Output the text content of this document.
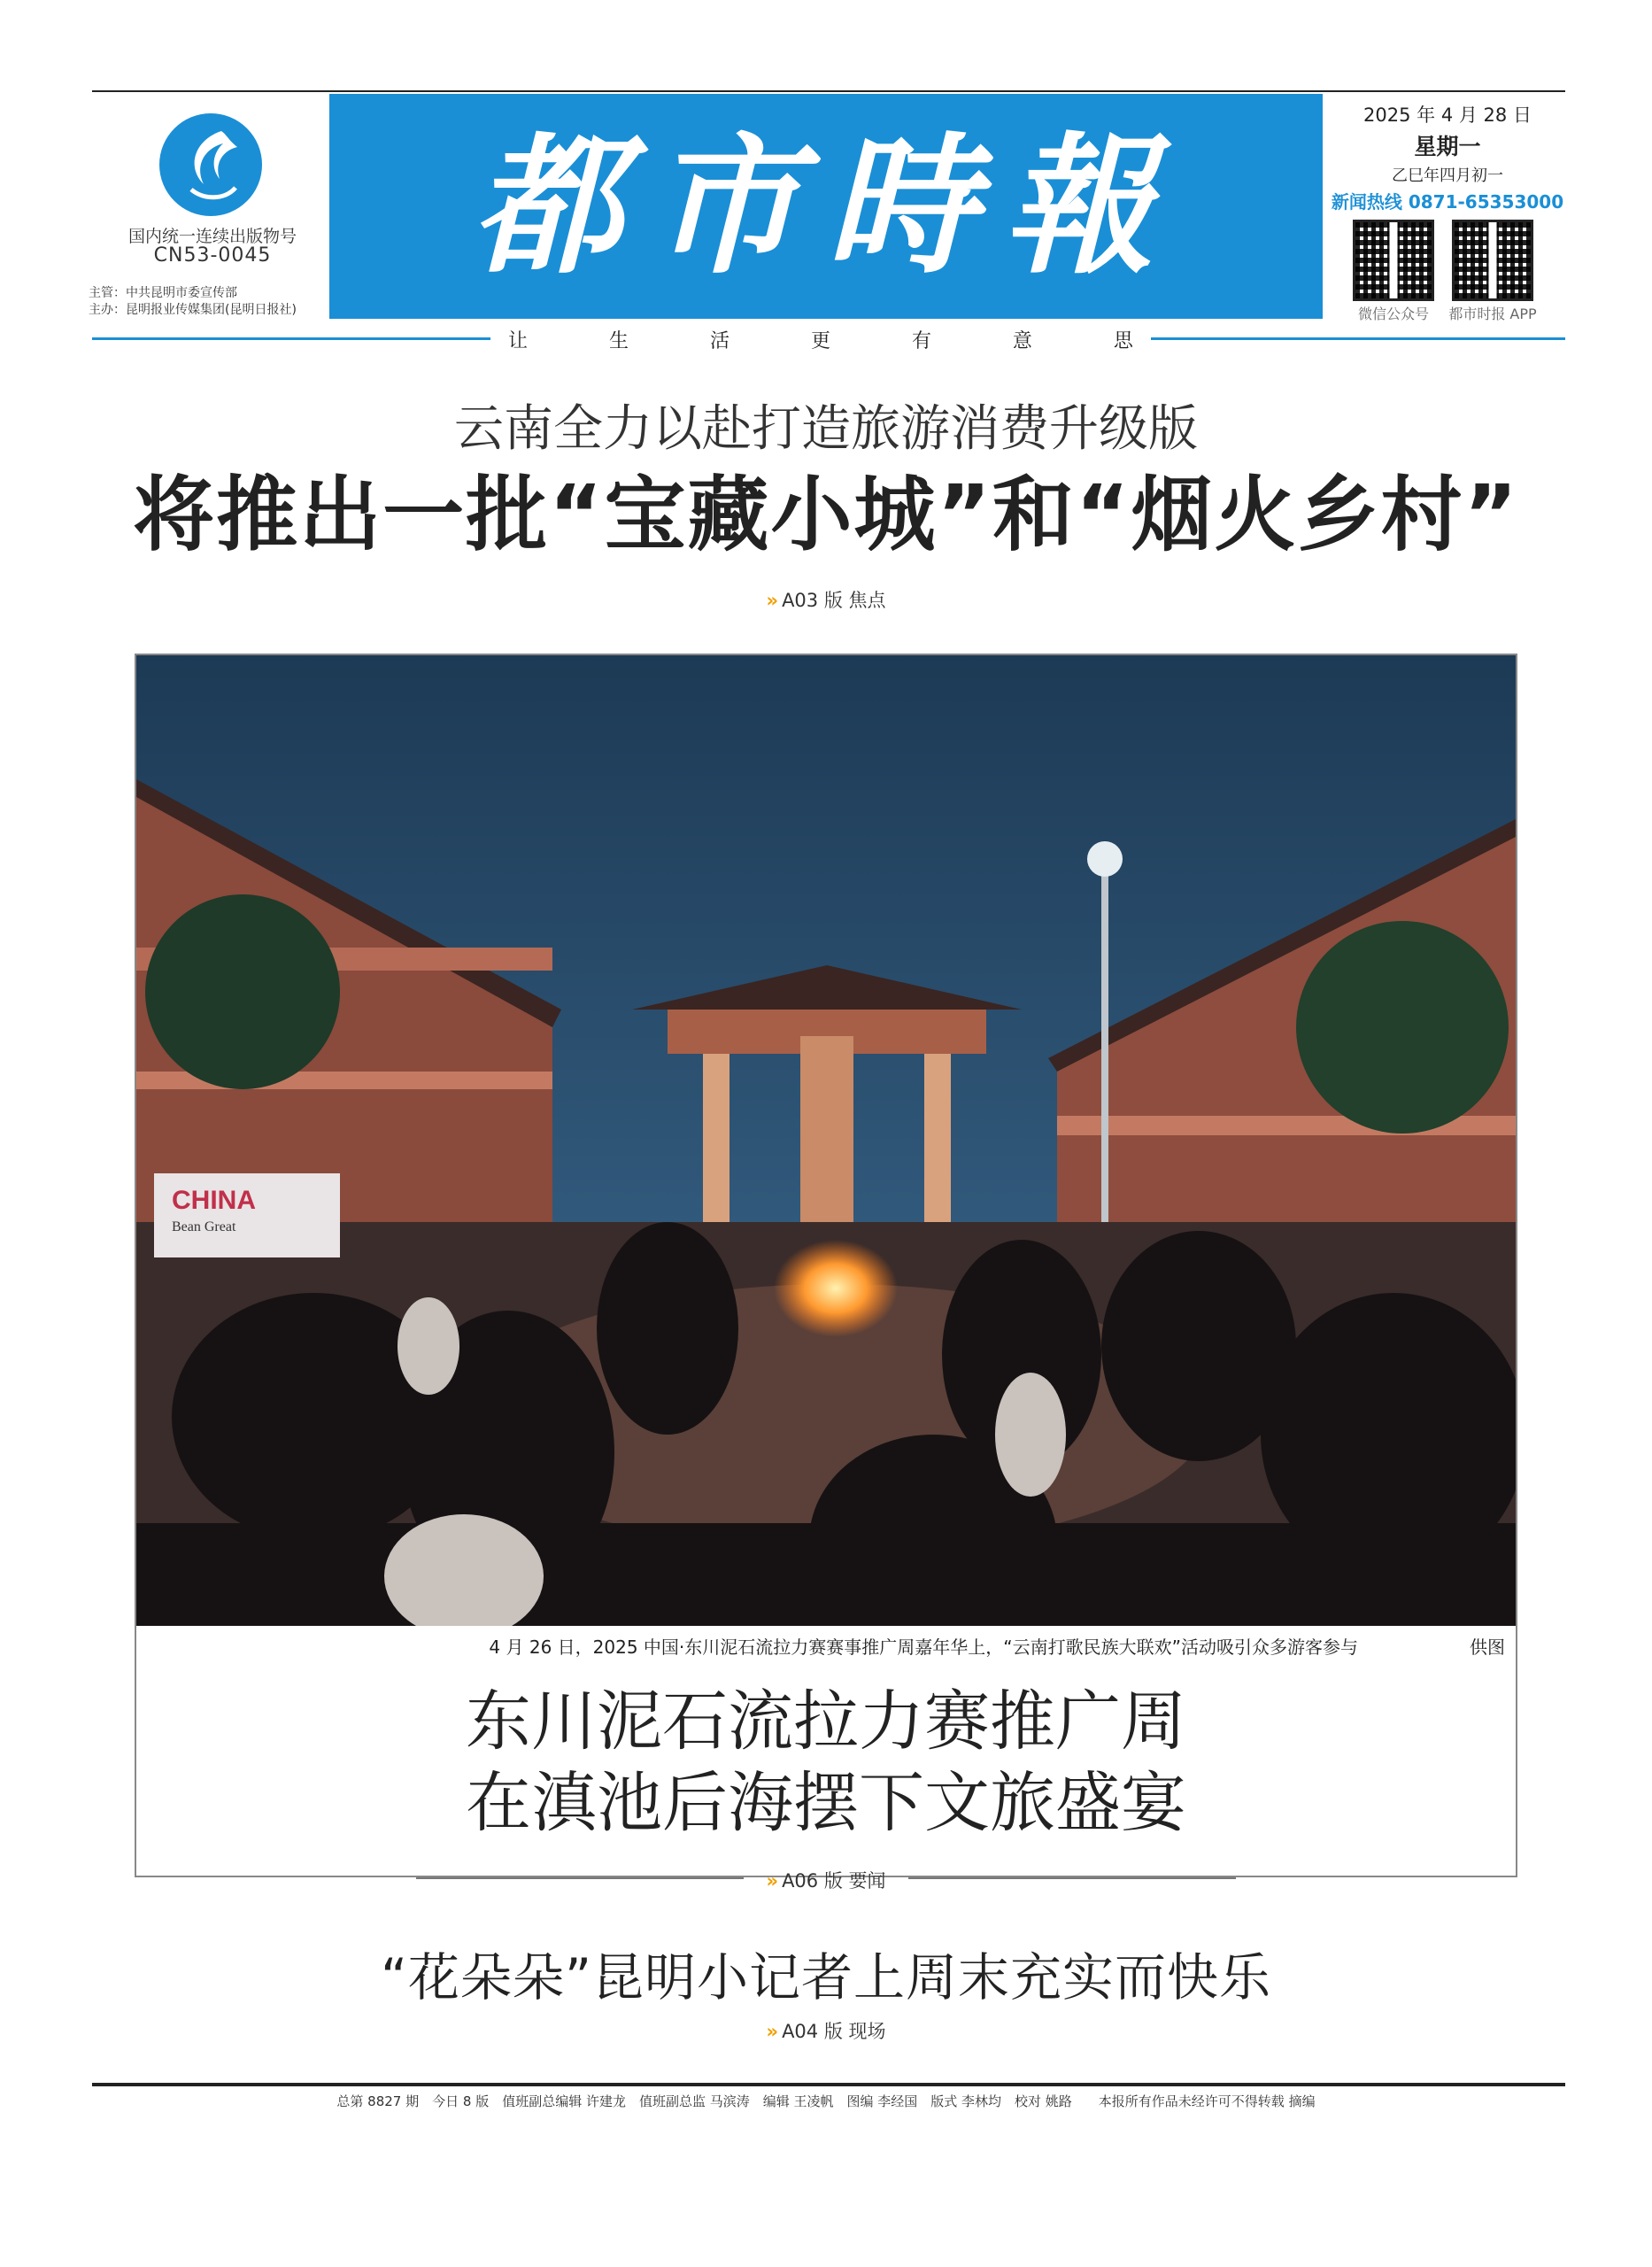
国内统一连续出版物号
CN53-0045
主管：中共昆明市委宣传部
主办：昆明报业传媒集团(昆明日报社)
都市時報
2025 年 4 月 28 日
星期一
乙巳年四月初一
新闻热线 0871-65353000
微信公众号	都市时报 APP
让	生	活	更	有	意	思
云南全力以赴打造旅游消费升级版
将推出一批“宝藏小城”和“烟火乡村”
» A03 版 焦点
CHINA
Bean Great
4 月 26 日，2025 中国·东川泥石流拉力赛赛事推广周嘉年华上，“云南打歌民族大联欢”活动吸引众多游客参与	供图
东川泥石流拉力赛推广周
在滇池后海摆下文旅盛宴
» A06 版 要闻
“花朵朵”昆明小记者上周末充实而快乐
» A04 版 现场
总第 8827 期　今日 8 版　值班副总编辑 许建龙　值班副总监 马滨涛　编辑 王凌帆　图编 李经国　版式 李林均　校对 姚路　　本报所有作品未经许可不得转载 摘编
